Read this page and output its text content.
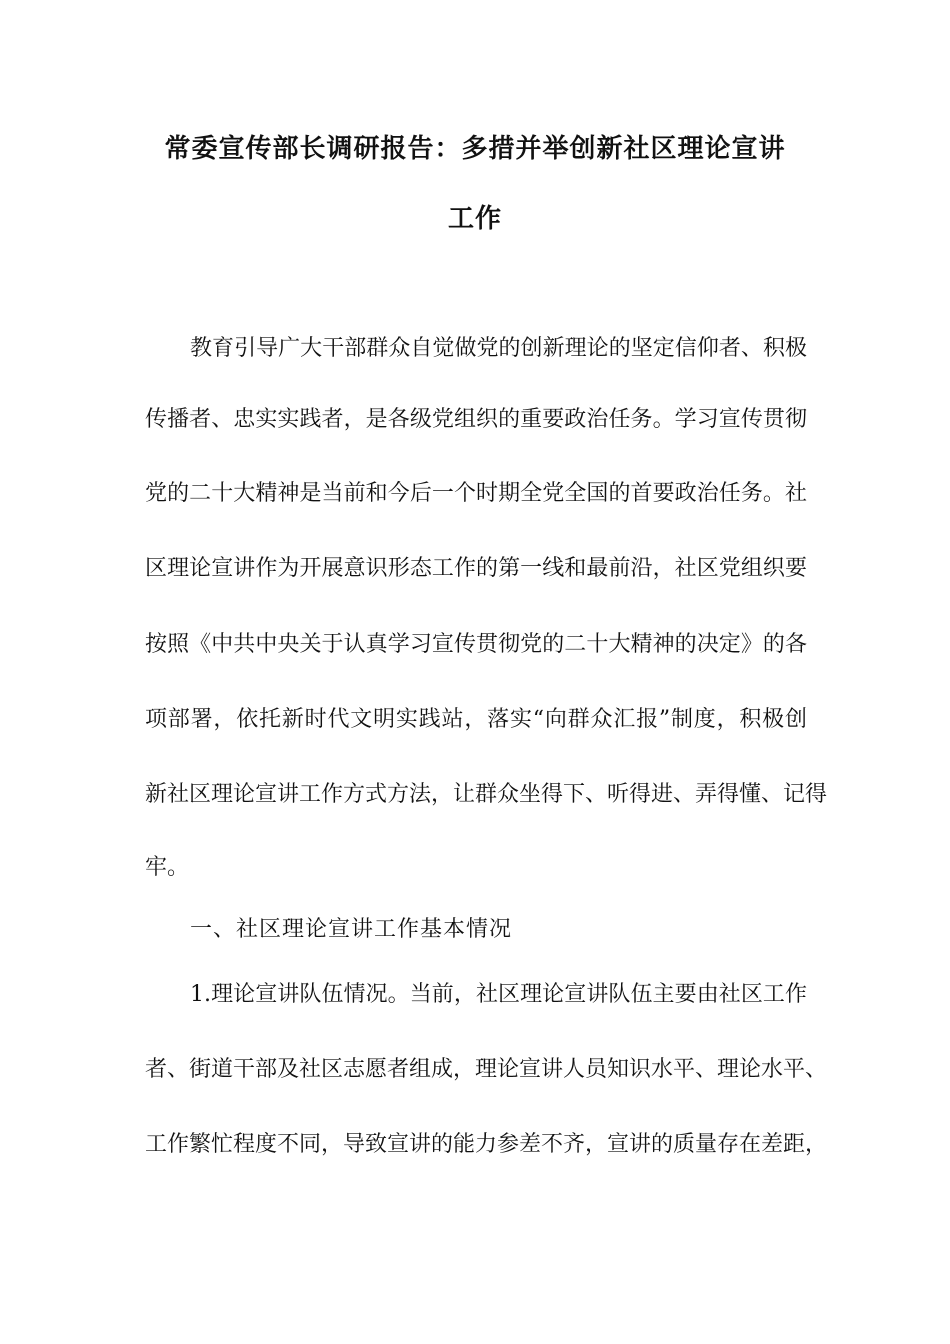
常委宣传部长调研报告：多措并举创新社区理论宣讲
工作
教育引导广大干部群众自觉做党的创新理论的坚定信仰者、积极
传播者、忠实实践者，是各级党组织的重要政治任务。学习宣传贯彻
党的二十大精神是当前和今后一个时期全党全国的首要政治任务。社
区理论宣讲作为开展意识形态工作的第一线和最前沿，社区党组织要
按照《中共中央关于认真学习宣传贯彻党的二十大精神的决定》的各
项部署，依托新时代文明实践站，落实“向群众汇报”制度，积极创
新社区理论宣讲工作方式方法，让群众坐得下、听得进、弄得懂、记得
牢。
一、社区理论宣讲工作基本情况
1.理论宣讲队伍情况。当前，社区理论宣讲队伍主要由社区工作
者、街道干部及社区志愿者组成，理论宣讲人员知识水平、理论水平、
工作繁忙程度不同，导致宣讲的能力参差不齐，宣讲的质量存在差距，
